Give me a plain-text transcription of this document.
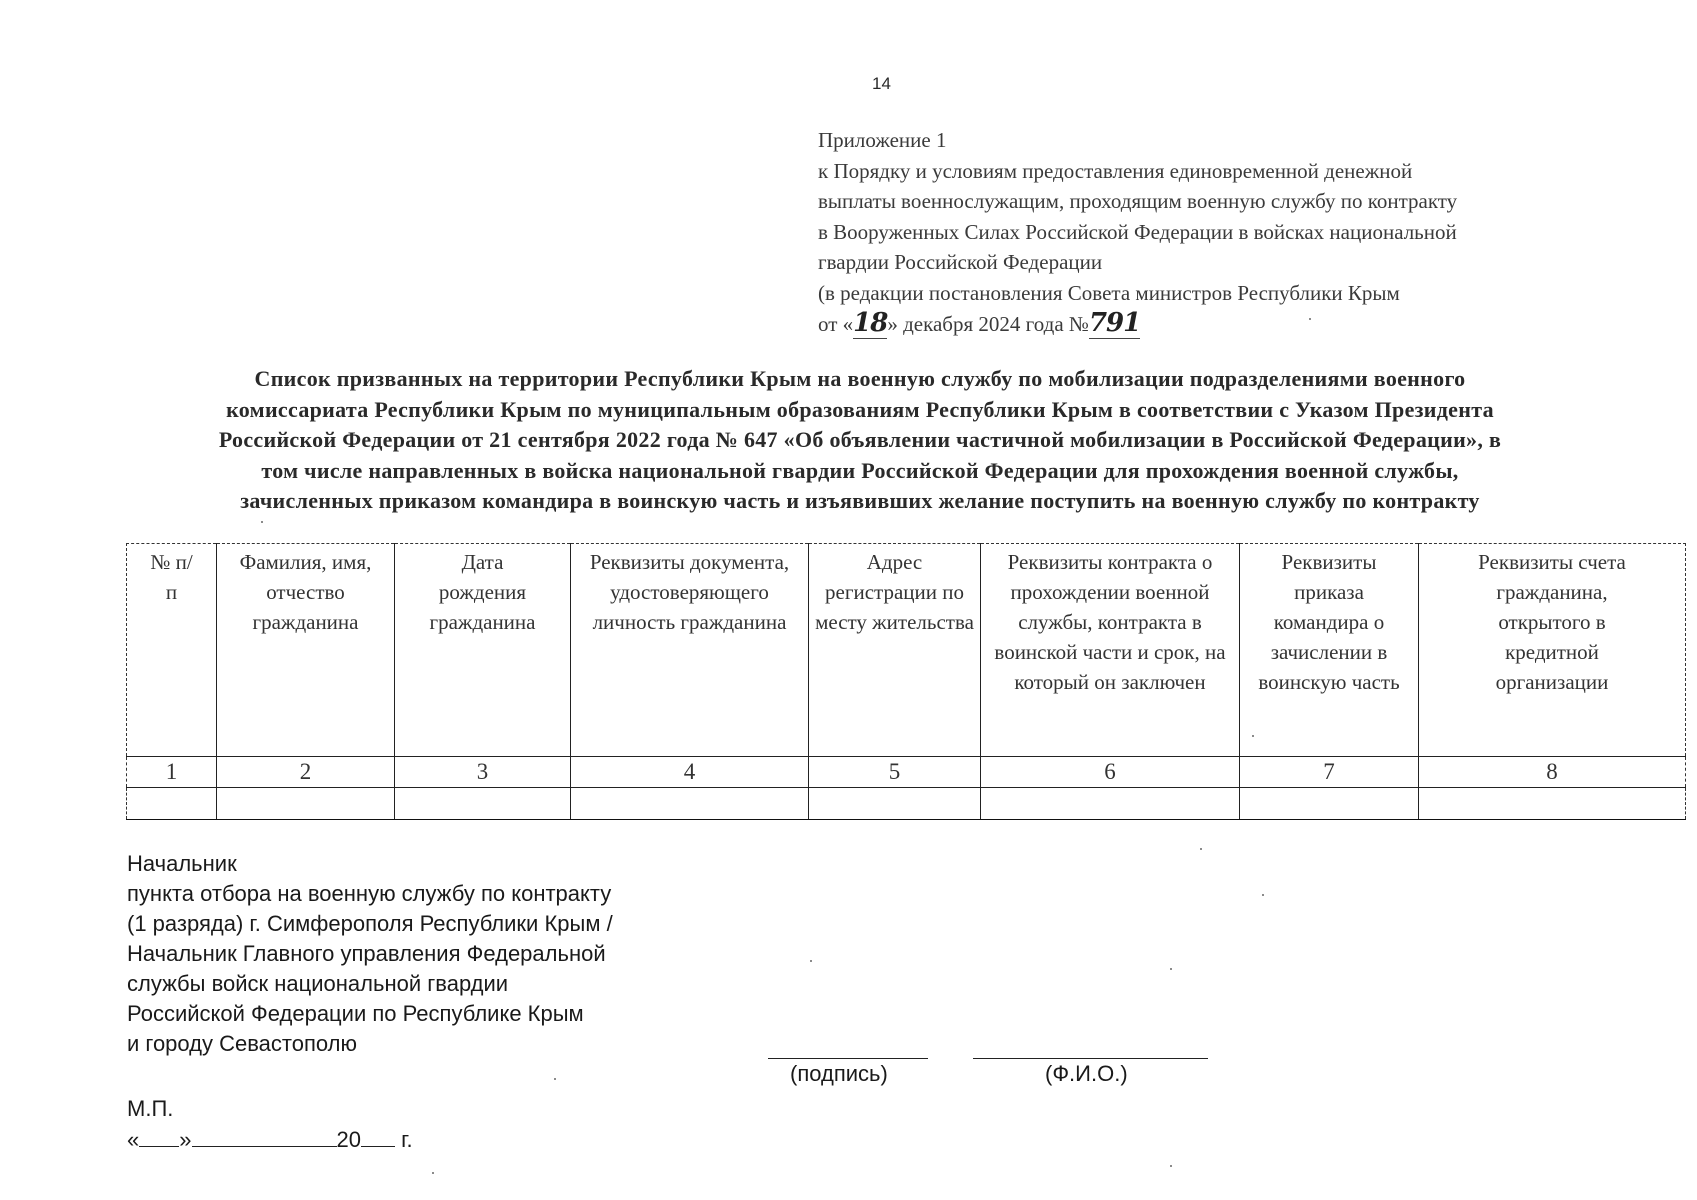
14
Приложение 1
к Порядку и условиям предоставления единовременной денежной
выплаты военнослужащим, проходящим военную службу по контракту
в Вооруженных Силах Российской Федерации в войсках национальной
гвардии Российской Федерации
(в редакции постановления Совета министров Республики Крым
от «18» декабря 2024 года №791
Список призванных на территории Республики Крым на военную службу по мобилизации подразделениями военного
комиссариата Республики Крым по муниципальным образованиям Республики Крым в соответствии с Указом Президента
Российской Федерации от 21 сентября 2022 года № 647 «Об объявлении частичной мобилизации в Российской Федерации», в
том числе направленных в войска национальной гвардии Российской Федерации для прохождения военной службы,
зачисленных приказом командира в воинскую часть и изъявивших желание поступить на военную службу по контракту
№ п/п	Фамилия, имя, отчество гражданина	Дата рождения гражданина	Реквизиты документа, удостоверяющего личность гражданина	Адрес регистрации по месту жительства	Реквизиты контракта о прохождении военной службы, контракта в воинской части и срок, на который он заключен	Реквизиты приказа командира о зачислении в воинскую часть	Реквизиты счета гражданина, открытого в кредитной организации
1	2	3	4	5	6	7	8

Начальник
пункта отбора на военную службу по контракту
(1 разряда) г. Симферополя Республики Крым /
Начальник Главного управления Федеральной
службы войск национальной гвардии
Российской Федерации по Республике Крым
и городу Севастополю
(подпись)	(Ф.И.О.)
М.П.
« »	20 г.
